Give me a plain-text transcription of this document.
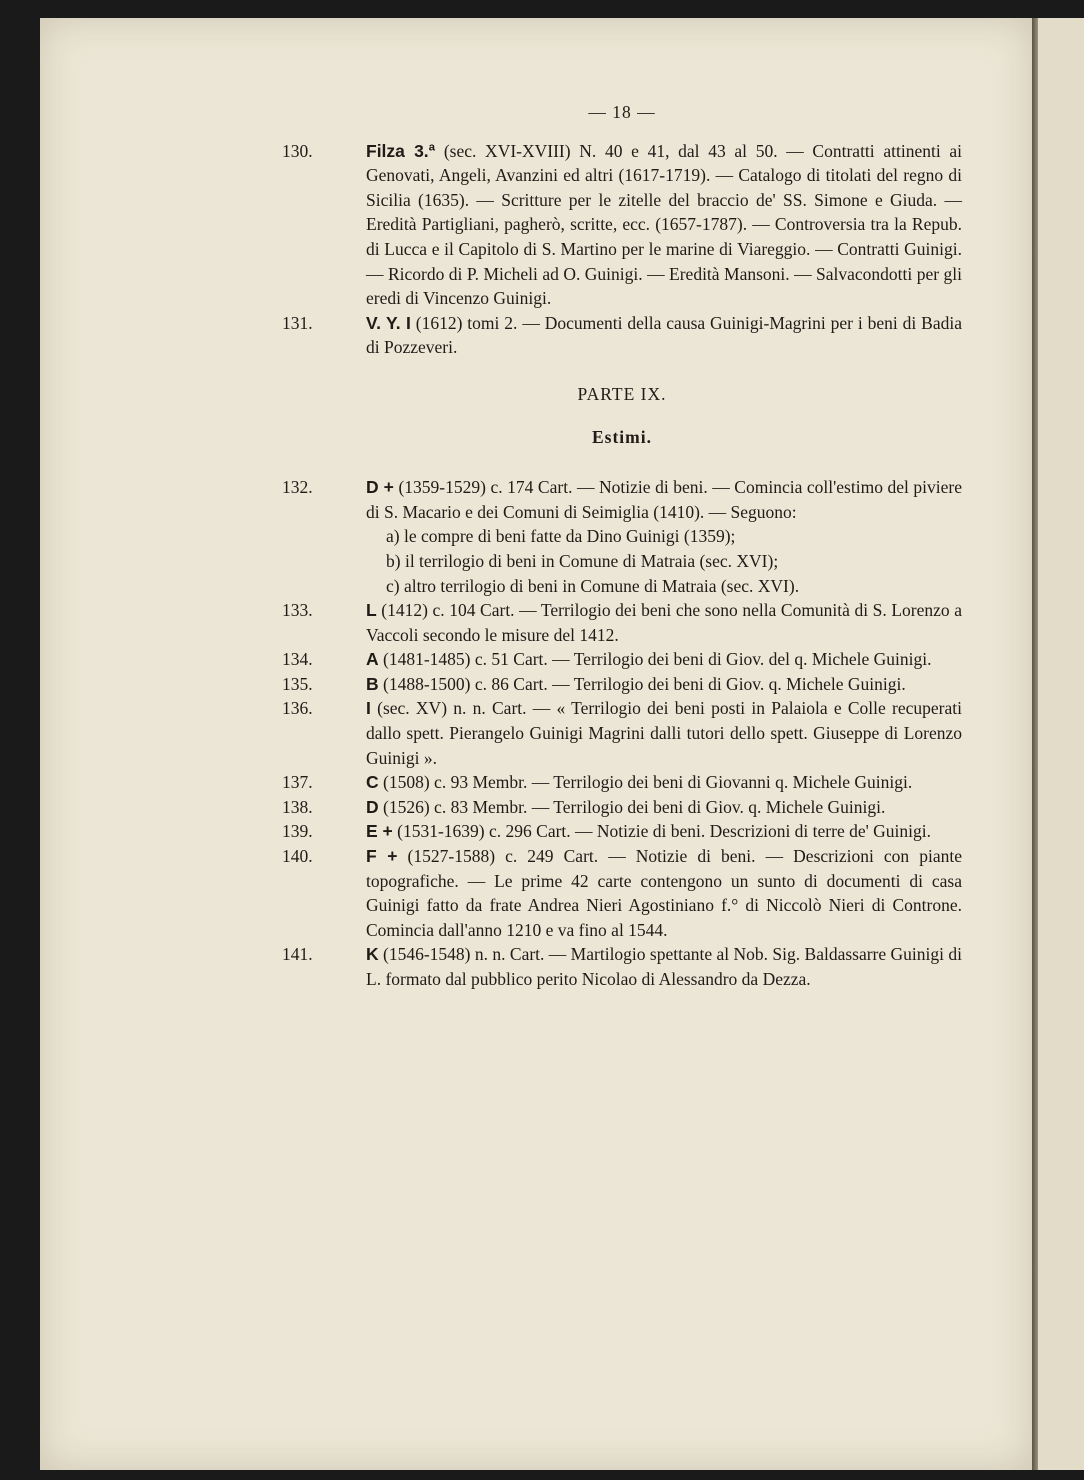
— 18 —
130.	Filza 3.ª (sec. XVI-XVIII) N. 40 e 41, dal 43 al 50. — Contratti attinenti ai Genovati, Angeli, Avanzini ed altri (1617-1719). — Catalogo di titolati del regno di Sicilia (1635). — Scritture per le zitelle del braccio de' SS. Simone e Giuda. — Eredità Partigliani, pagherò, scritte, ecc. (1657-1787). — Controversia tra la Repub. di Lucca e il Capitolo di S. Martino per le marine di Viareggio. — Contratti Guinigi. — Ricordo di P. Micheli ad O. Guinigi. — Eredità Mansoni. — Salvacondotti per gli eredi di Vincenzo Guinigi.
131.	V. Y. I (1612) tomi 2. — Documenti della causa Guinigi-Magrini per i beni di Badia di Pozzeveri.
PARTE IX.
Estimi.
132.	D + (1359-1529) c. 174 Cart. — Notizie di beni. — Comincia coll'estimo del piviere di S. Macario e dei Comuni di Seimiglia (1410). — Seguono:
a) le compre di beni fatte da Dino Guinigi (1359);
b) il terrilogio di beni in Comune di Matraia (sec. XVI);
c) altro terrilogio di beni in Comune di Matraia (sec. XVI).
133.	L (1412) c. 104 Cart. — Terrilogio dei beni che sono nella Comunità di S. Lorenzo a Vaccoli secondo le misure del 1412.
134.	A (1481-1485) c. 51 Cart. — Terrilogio dei beni di Giov. del q. Michele Guinigi.
135.	B (1488-1500) c. 86 Cart. — Terrilogio dei beni di Giov. q. Michele Guinigi.
136.	I (sec. XV) n. n. Cart. — « Terrilogio dei beni posti in Palaiola e Colle recuperati dallo spett. Pierangelo Guinigi Magrini dalli tutori dello spett. Giuseppe di Lorenzo Guinigi ».
137.	C (1508) c. 93 Membr. — Terrilogio dei beni di Giovanni q. Michele Guinigi.
138.	D (1526) c. 83 Membr. — Terrilogio dei beni di Giov. q. Michele Guinigi.
139.	E + (1531-1639) c. 296 Cart. — Notizie di beni. Descrizioni di terre de' Guinigi.
140.	F + (1527-1588) c. 249 Cart. — Notizie di beni. — Descrizioni con piante topografiche. — Le prime 42 carte contengono un sunto di documenti di casa Guinigi fatto da frate Andrea Nieri Agostiniano f.° di Niccolò Nieri di Controne. Comincia dall'anno 1210 e va fino al 1544.
141.	K (1546-1548) n. n. Cart. — Martilogio spettante al Nob. Sig. Baldassarre Guinigi di L. formato dal pubblico perito Nicolao di Alessandro da Dezza.
